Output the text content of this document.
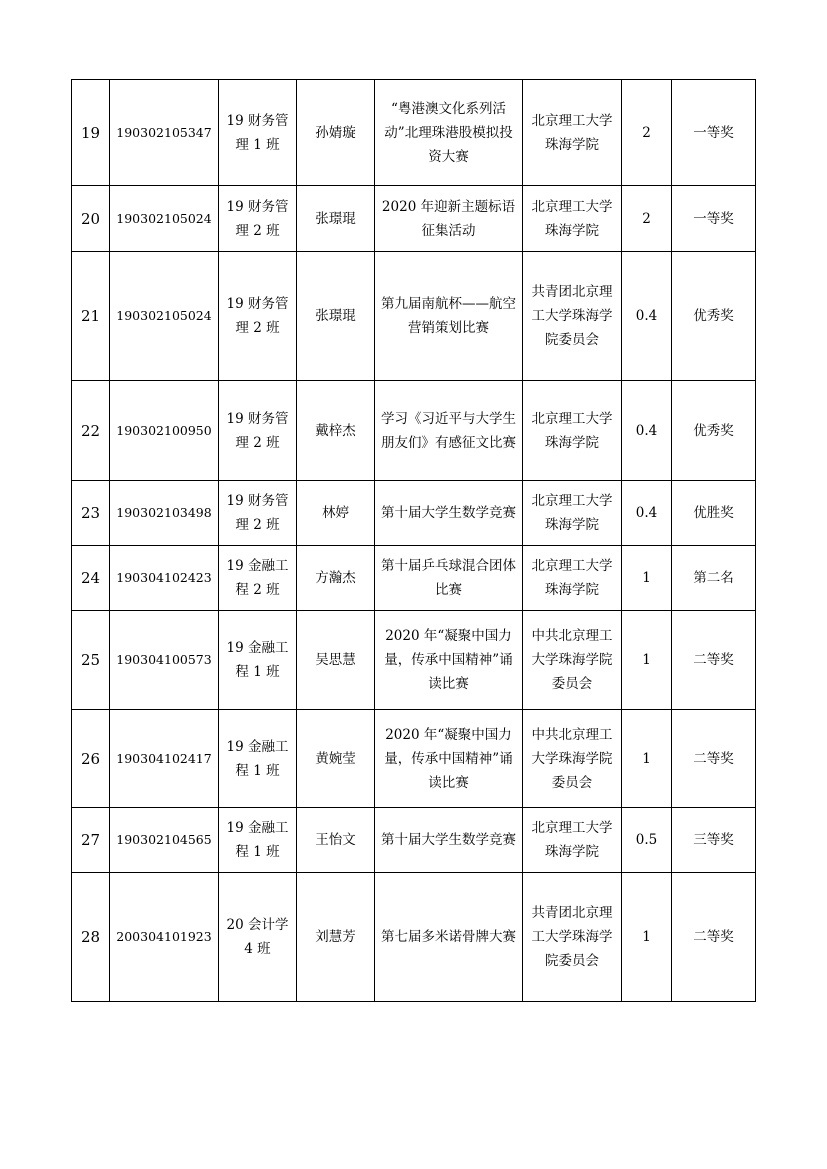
19	190302105347	19 财务管理 1 班	孙婧璇	“粤港澳文化系列活动”北理珠港股模拟投资大赛	北京理工大学珠海学院	2	一等奖
20	190302105024	19 财务管理 2 班	张璟琨	2020 年迎新主题标语征集活动	北京理工大学珠海学院	2	一等奖
21	190302105024	19 财务管理 2 班	张璟琨	第九届南航杯——航空营销策划比赛	共青团北京理工大学珠海学院委员会	0.4	优秀奖
22	190302100950	19 财务管理 2 班	戴梓杰	学习《习近平与大学生朋友们》有感征文比赛	北京理工大学珠海学院	0.4	优秀奖
23	190302103498	19 财务管理 2 班	林婷	第十届大学生数学竞赛	北京理工大学珠海学院	0.4	优胜奖
24	190304102423	19 金融工程 2 班	方瀚杰	第十届乒乓球混合团体比赛	北京理工大学珠海学院	1	第二名
25	190304100573	19 金融工程 1 班	吴思慧	2020 年“凝聚中国力量，传承中国精神”诵读比赛	中共北京理工大学珠海学院委员会	1	二等奖
26	190304102417	19 金融工程 1 班	黄婉莹	2020 年“凝聚中国力量，传承中国精神”诵读比赛	中共北京理工大学珠海学院委员会	1	二等奖
27	190302104565	19 金融工程 1 班	王怡文	第十届大学生数学竞赛	北京理工大学珠海学院	0.5	三等奖
28	200304101923	20 会计学 4 班	刘慧芳	第七届多米诺骨牌大赛	共青团北京理工大学珠海学院委员会	1	二等奖
